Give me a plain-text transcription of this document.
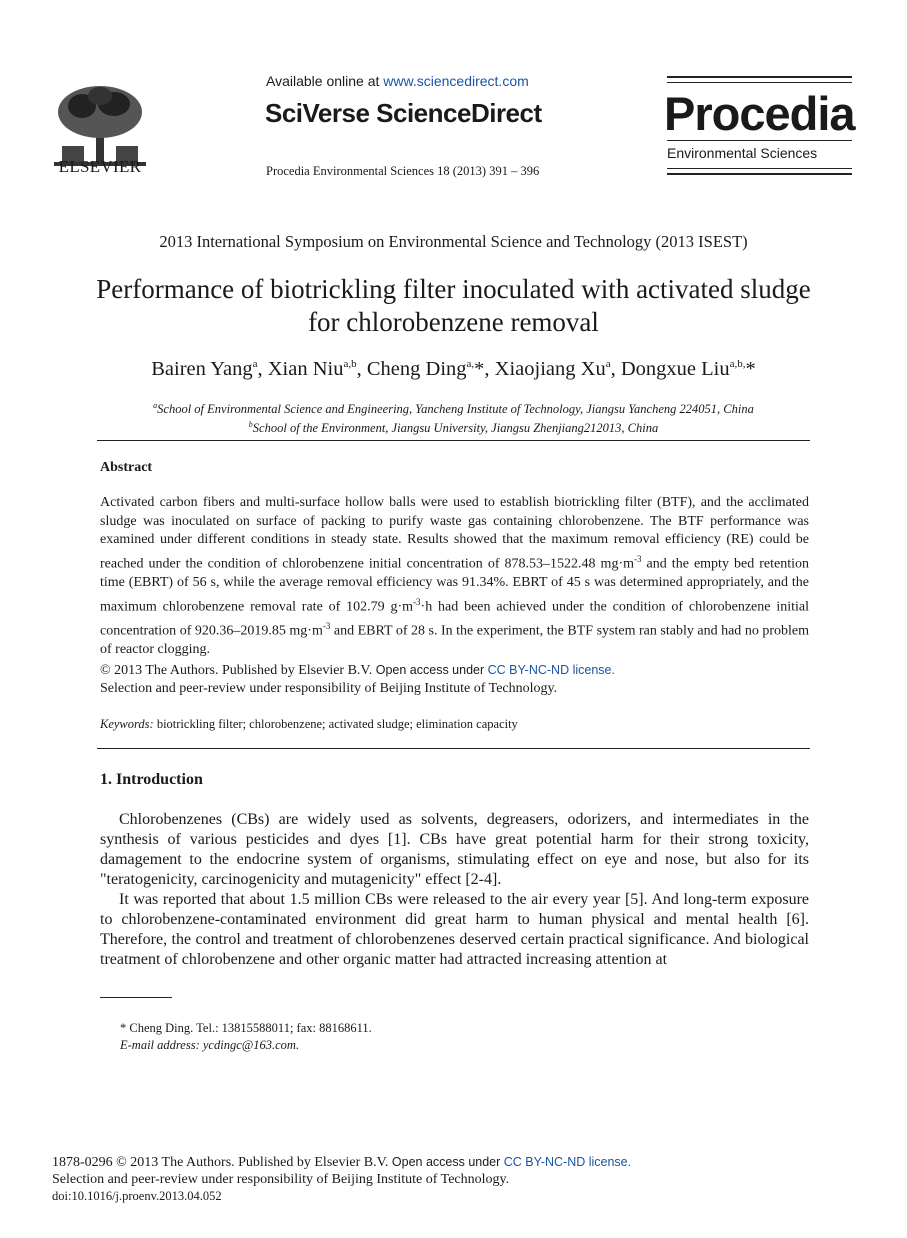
ELSEVIER
Available online at www.sciencedirect.com
SciVerse ScienceDirect
Procedia Environmental Sciences 18 (2013) 391 – 396
Procedia
Environmental Sciences
2013 International Symposium on Environmental Science and Technology (2013 ISEST)
Performance of biotrickling filter inoculated with activated sludge for chlorobenzene removal
Bairen Yang$^a$, Xian Niu$^{a,b}$, Cheng Ding$^{a,}$*, Xiaojiang Xu$^a$, Dongxue Liu$^{a,b,}$*
$^a$School of Environmental Science and Engineering, Yancheng Institute of Technology, Jiangsu Yancheng 224051, China
$^b$School of the Environment, Jiangsu University, Jiangsu Zhenjiang212013, China
Abstract
Activated carbon fibers and multi-surface hollow balls were used to establish biotrickling filter (BTF), and the acclimated sludge was inoculated on surface of packing to purify waste gas containing chlorobenzene. The BTF performance was examined under different conditions in steady state. Results showed that the maximum removal efficiency (RE) could be reached under the condition of chlorobenzene initial concentration of 878.53–1522.48 $mg\cdot m^{-3}$ and the empty bed retention time (EBRT) of 56 s, while the average removal efficiency was 91.34%. EBRT of 45 s was determined appropriately, and the maximum chlorobenzene removal rate of 102.79 $g\cdot m^{-3}\cdot h$ had been achieved under the condition of chlorobenzene initial concentration of 920.36–2019.85 $mg\cdot m^{-3}$ and EBRT of 28 s. In the experiment, the BTF system ran stably and had no problem of reactor clogging.
© 2013 The Authors. Published by Elsevier B.V. Open access under CC BY-NC-ND license.
Selection and peer-review under responsibility of Beijing Institute of Technology.
Keywords: biotrickling filter; chlorobenzene; activated sludge; elimination capacity
1. Introduction

Chlorobenzenes (CBs) are widely used as solvents, degreasers, odorizers, and intermediates in the synthesis of various pesticides and dyes [1]. CBs have great potential harm for their strong toxicity, damagement to the endocrine system of organisms, stimulating effect on eye and nose, but also for its "teratogenicity, carcinogenicity and mutagenicity" effect [2-4].

It was reported that about 1.5 million CBs were released to the air every year [5]. And long-term exposure to chlorobenzene-contaminated environment did great harm to human physical and mental health [6]. Therefore, the control and treatment of chlorobenzenes deserved certain practical significance. And biological treatment of chlorobenzene and other organic matter had attracted increasing attention at

* Cheng Ding. Tel.: 13815588011; fax: 88168611.
E-mail address: ycdingc@163.com.
1878-0296 © 2013 The Authors. Published by Elsevier B.V. Open access under CC BY-NC-ND license.
Selection and peer-review under responsibility of Beijing Institute of Technology.
doi:10.1016/j.proenv.2013.04.052
